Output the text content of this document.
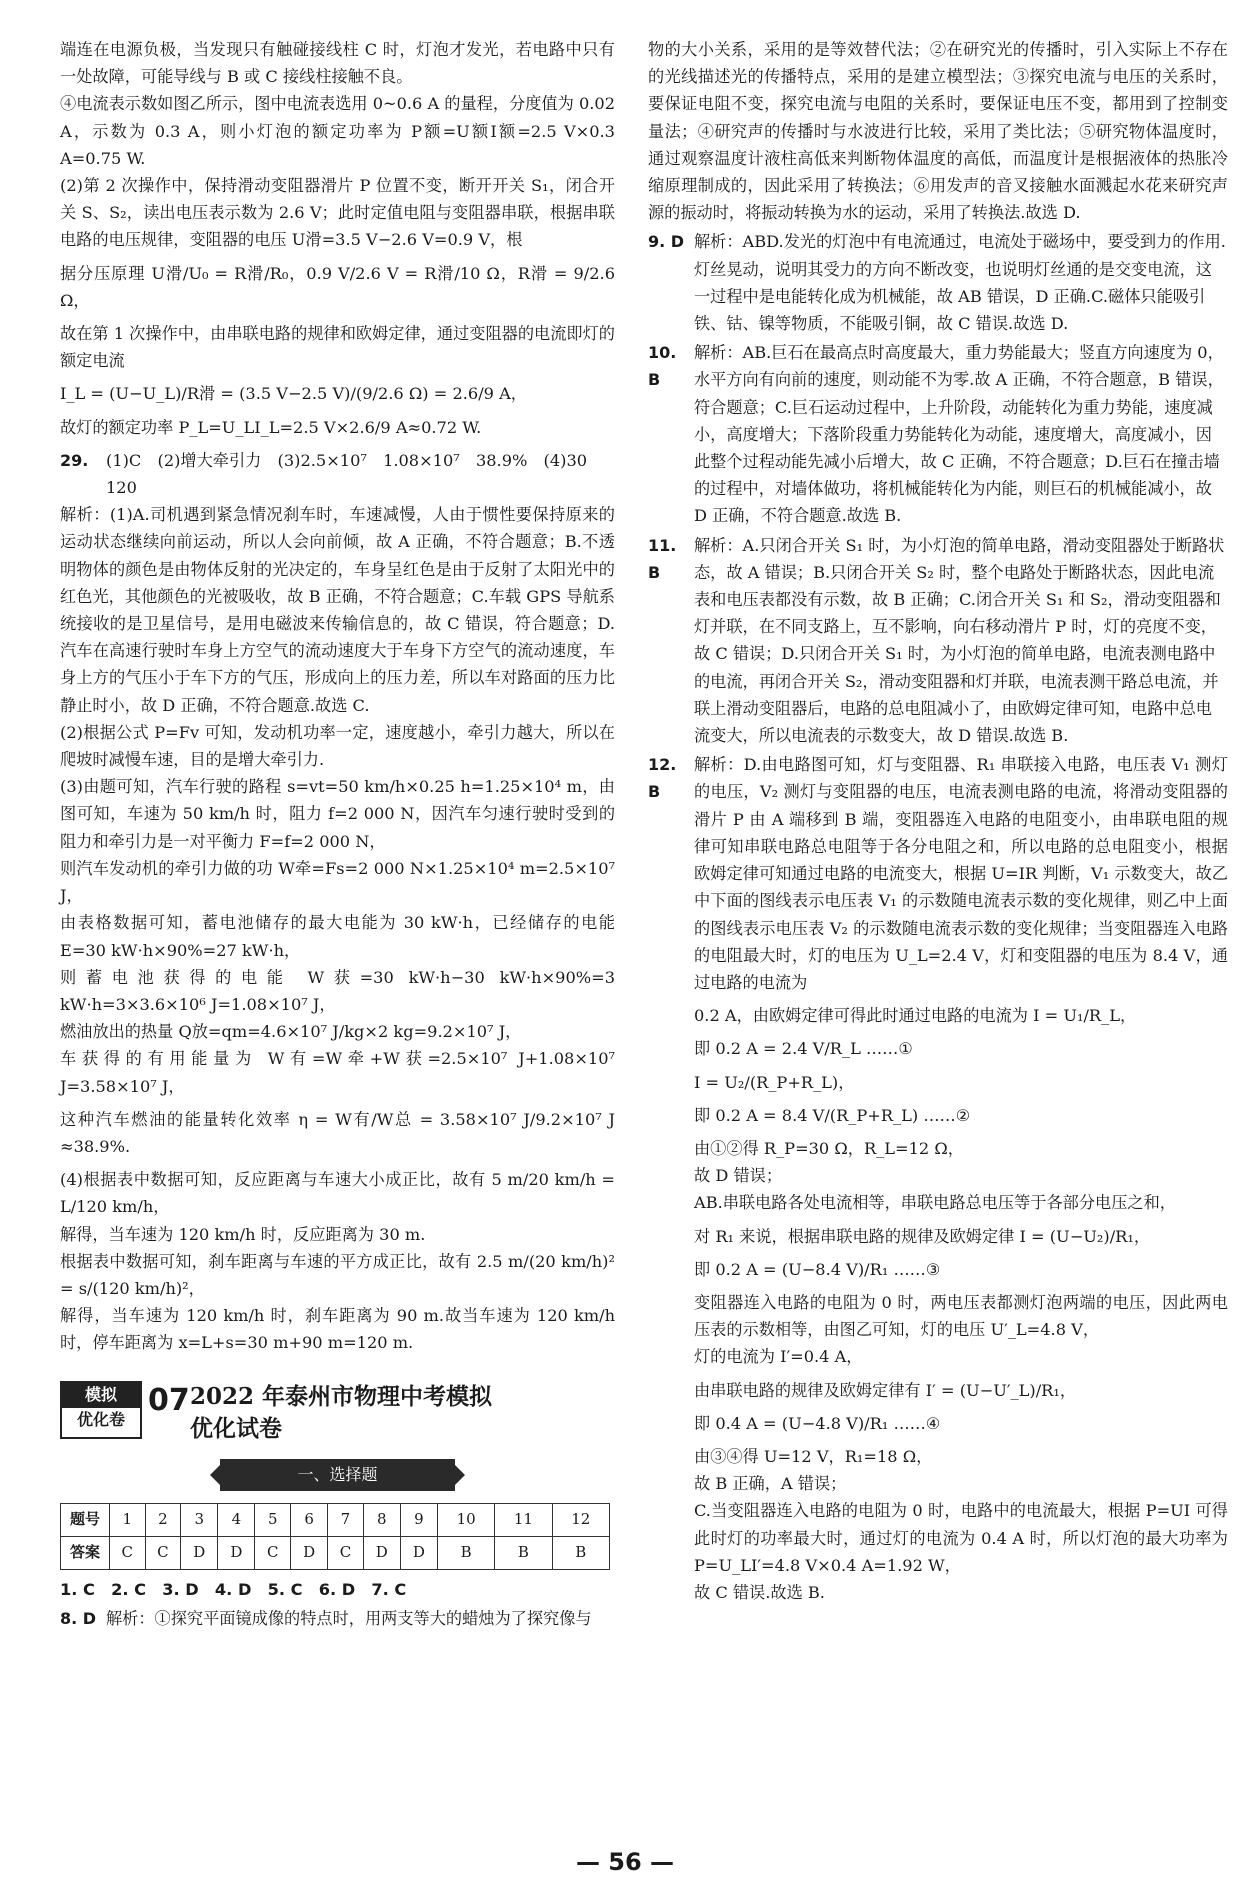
端连在电源负极，当发现只有触碰接线柱 C 时，灯泡才发光，若电路中只有一处故障，可能导线与 B 或 C 接线柱接触不良。

④电流表示数如图乙所示，图中电流表选用 0~0.6 A 的量程，分度值为 0.02 A，示数为 0.3 A，则小灯泡的额定功率为 P额=U额I额=2.5 V×0.3 A=0.75 W.

(2)第 2 次操作中，保持滑动变阻器滑片 P 位置不变，断开开关 S₁，闭合开关 S、S₂，读出电压表示数为 2.6 V；此时定值电阻与变阻器串联，根据串联电路的电压规律，变阻器的电压 U滑=3.5 V−2.6 V=0.9 V，根

据分压原理 U滑/U₀ = R滑/R₀，0.9 V/2.6 V = R滑/10 Ω，R滑 = 9/2.6 Ω，

故在第 1 次操作中，由串联电路的规律和欧姆定律，通过变阻器的电流即灯的额定电流

I_L = (U−U_L)/R滑 = (3.5 V−2.5 V)/(9/2.6 Ω) = 2.6/9 A，

故灯的额定功率 P_L=U_LI_L=2.5 V×2.6/9 A≈0.72 W.

29.	(1)C　(2)增大牵引力　(3)2.5×10⁷　1.08×10⁷　38.9%　(4)30　120

解析：(1)A.司机遇到紧急情况刹车时，车速减慢，人由于惯性要保持原来的运动状态继续向前运动，所以人会向前倾，故 A 正确，不符合题意；B.不透明物体的颜色是由物体反射的光决定的，车身呈红色是由于反射了太阳光中的红色光，其他颜色的光被吸收，故 B 正确，不符合题意；C.车载 GPS 导航系统接收的是卫星信号，是用电磁波来传输信息的，故 C 错误，符合题意；D.汽车在高速行驶时车身上方空气的流动速度大于车身下方空气的流动速度，车身上方的气压小于车下方的气压，形成向上的压力差，所以车对路面的压力比静止时小，故 D 正确，不符合题意.故选 C.

(2)根据公式 P=Fv 可知，发动机功率一定，速度越小，牵引力越大，所以在爬坡时减慢车速，目的是增大牵引力.

(3)由题可知，汽车行驶的路程 s=vt=50 km/h×0.25 h=1.25×10⁴ m，由图可知，车速为 50 km/h 时，阻力 f=2 000 N，因汽车匀速行驶时受到的阻力和牵引力是一对平衡力 F=f=2 000 N，

则汽车发动机的牵引力做的功 W牵=Fs=2 000 N×1.25×10⁴ m=2.5×10⁷ J，

由表格数据可知，蓄电池储存的最大电能为 30 kW·h，已经储存的电能 E=30 kW·h×90%=27 kW·h，

则蓄电池获得的电能 W获=30 kW·h−30 kW·h×90%=3 kW·h=3×3.6×10⁶ J=1.08×10⁷ J，

燃油放出的热量 Q放=qm=4.6×10⁷ J/kg×2 kg=9.2×10⁷ J，

车获得的有用能量为 W有=W牵+W获=2.5×10⁷ J+1.08×10⁷ J=3.58×10⁷ J，

这种汽车燃油的能量转化效率 η = W有/W总 = 3.58×10⁷ J/9.2×10⁷ J ≈38.9%.

(4)根据表中数据可知，反应距离与车速大小成正比，故有 5 m/20 km/h = L/120 km/h，

解得，当车速为 120 km/h 时，反应距离为 30 m.

根据表中数据可知，刹车距离与车速的平方成正比，故有 2.5 m/(20 km/h)² = s/(120 km/h)²，

解得，当车速为 120 km/h 时，刹车距离为 90 m.故当车速为 120 km/h 时，停车距离为 x=L+s=30 m+90 m=120 m.

模拟
优化卷
07 2022 年泰州市物理中考模拟
优化试卷
一、选择题
题号	1	2	3	4	5	6	7	8	9	10	11	12
答案	C	C	D	D	C	D	C	D	D	B	B	B

1. C　2. C　3. D　4. D　5. C　6. D　7. C

8. D 解析：①探究平面镜成像的特点时，用两支等大的蜡烛为了探究像与

物的大小关系，采用的是等效替代法；②在研究光的传播时，引入实际上不存在的光线描述光的传播特点，采用的是建立模型法；③探究电流与电压的关系时，要保证电阻不变，探究电流与电阻的关系时，要保证电压不变，都用到了控制变量法；④研究声的传播时与水波进行比较，采用了类比法；⑤研究物体温度时，通过观察温度计液柱高低来判断物体温度的高低，而温度计是根据液体的热胀冷缩原理制成的，因此采用了转换法；⑥用发声的音叉接触水面溅起水花来研究声源的振动时，将振动转换为水的运动，采用了转换法.故选 D.

9. D 解析：ABD.发光的灯泡中有电流通过，电流处于磁场中，要受到力的作用.灯丝晃动，说明其受力的方向不断改变，也说明灯丝通的是交变电流，这一过程中是电能转化成为机械能，故 AB 错误，D 正确.C.磁体只能吸引铁、钴、镍等物质，不能吸引铜，故 C 错误.故选 D.
10. B
解析：AB.巨石在最高点时高度最大，重力势能最大；竖直方向速度为 0，水平方向有向前的速度，则动能不为零.故 A 正确，不符合题意，B 错误，符合题意；C.巨石运动过程中，上升阶段，动能转化为重力势能，速度减小，高度增大；下落阶段重力势能转化为动能，速度增大，高度减小，因此整个过程动能先减小后增大，故 C 正确，不符合题意；D.巨石在撞击墙的过程中，对墙体做功，将机械能转化为内能，则巨石的机械能减小，故 D 正确，不符合题意.故选 B.
11. B
解析：A.只闭合开关 S₁ 时，为小灯泡的简单电路，滑动变阻器处于断路状态，故 A 错误；B.只闭合开关 S₂ 时，整个电路处于断路状态，因此电流表和电压表都没有示数，故 B 正确；C.闭合开关 S₁ 和 S₂，滑动变阻器和灯并联，在不同支路上，互不影响，向右移动滑片 P 时，灯的亮度不变，故 C 错误；D.只闭合开关 S₁ 时，为小灯泡的简单电路，电流表测电路中的电流，再闭合开关 S₂，滑动变阻器和灯并联，电流表测干路总电流，并联上滑动变阻器后，电路的总电阻减小了，由欧姆定律可知，电路中总电流变大，所以电流表的示数变大，故 D 错误.故选 B.
12. B

解析：D.由电路图可知，灯与变阻器、R₁ 串联接入电路，电压表 V₁ 测灯的电压，V₂ 测灯与变阻器的电压，电流表测电路的电流，将滑动变阻器的滑片 P 由 A 端移到 B 端，变阻器连入电路的电阻变小，由串联电阻的规律可知串联电路总电阻等于各分电阻之和，所以电路的总电阻变小，根据欧姆定律可知通过电路的电流变大，根据 U=IR 判断，V₁ 示数变大，故乙中下面的图线表示电压表 V₁ 的示数随电流表示数的变化规律，则乙中上面的图线表示电压表 V₂ 的示数随电流表示数的变化规律；当变阻器连入电路的电阻最大时，灯的电压为 U_L=2.4 V，灯和变阻器的电压为 8.4 V，通过电路的电流为

0.2 A，由欧姆定律可得此时通过电路的电流为 I = U₁/R_L，

即 0.2 A = 2.4 V/R_L ……①

I = U₂/(R_P+R_L)，

即 0.2 A = 8.4 V/(R_P+R_L) ……②

由①②得 R_P=30 Ω，R_L=12 Ω，

故 D 错误；

AB.串联电路各处电流相等，串联电路总电压等于各部分电压之和，

对 R₁ 来说，根据串联电路的规律及欧姆定律 I = (U−U₂)/R₁，

即 0.2 A = (U−8.4 V)/R₁ ……③

变阻器连入电路的电阻为 0 时，两电压表都测灯泡两端的电压，因此两电压表的示数相等，由图乙可知，灯的电压 U′_L=4.8 V，

灯的电流为 I′=0.4 A，

由串联电路的规律及欧姆定律有 I′ = (U−U′_L)/R₁，

即 0.4 A = (U−4.8 V)/R₁ ……④

由③④得 U=12 V，R₁=18 Ω，

故 B 正确，A 错误；

C.当变阻器连入电路的电阻为 0 时，电路中的电流最大，根据 P=UI 可得此时灯的功率最大时，通过灯的电流为 0.4 A 时，所以灯泡的最大功率为 P=U_LI′=4.8 V×0.4 A=1.92 W，

故 C 错误.故选 B.

— 56 —
